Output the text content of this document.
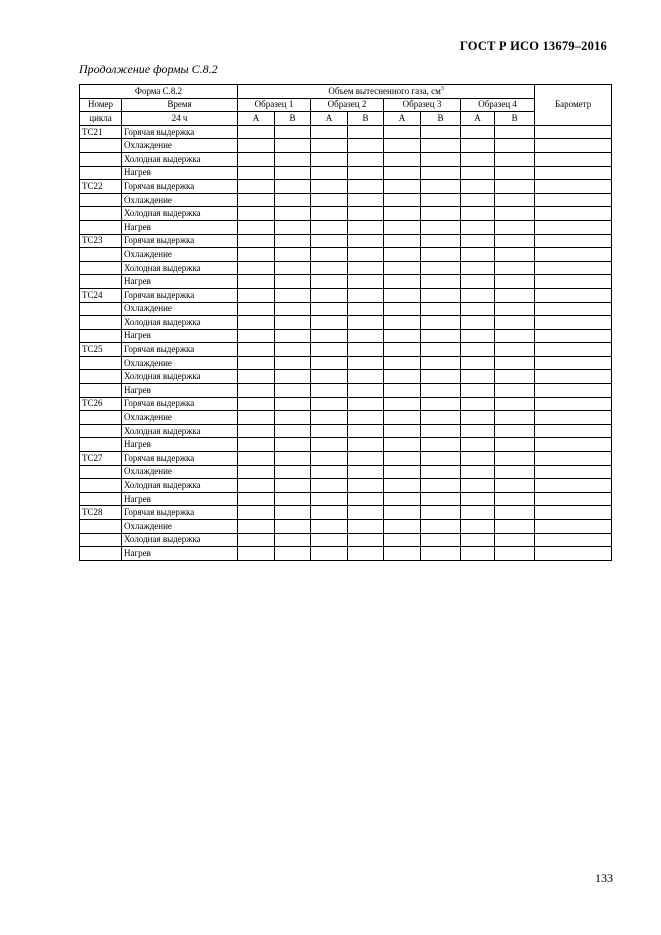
ГОСТ Р ИСО 13679–2016
Продолжение формы С.8.2
Форма С.8.2		Объем вытесненного газа, $см^3$								Барометр
Номер	Время	Образец 1		Образец 2		Образец 3		Образец 4		
цикла	24 ч	А	В	А	В	А	В	А	В	
ТС21	Горячая выдержка									
	Охлаждение									
	Холодная выдержка									
	Нагрев									
ТС22	Горячая выдержка									
	Охлаждение									
	Холодная выдержка									
	Нагрев									
ТС23	Горячая выдержка									
	Охлаждение									
	Холодная выдержка									
	Нагрев									
ТС24	Горячая выдержка									
	Охлаждение									
	Холодная выдержка									
	Нагрев									
ТС25	Горячая выдержка									
	Охлаждение									
	Холодная выдержка									
	Нагрев									
ТС26	Горячая выдержка									
	Охлаждение									
	Холодная выдержка									
	Нагрев									
ТС27	Горячая выдержка									
	Охлаждение									
	Холодная выдержка									
	Нагрев									
ТС28	Горячая выдержка									
	Охлаждение									
	Холодная выдержка									
	Нагрев									
133
